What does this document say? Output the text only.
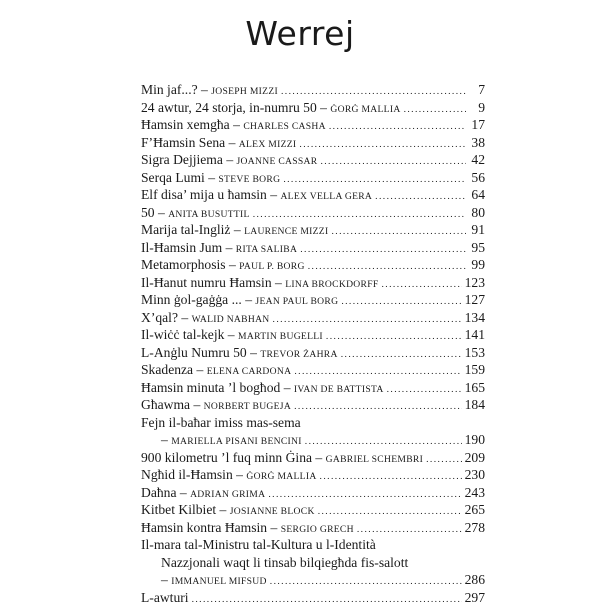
Werrej
Min jaf...? – JOSEPH MIZZI .....	7
24 awtur, 24 storja, in-numru 50 – ĠORĠ MALLIA .....	9
Ħamsin xemgħa – CHARLES CASHA .....	17
F’Ħamsin Sena – ALEX MIZZI .....	38
Sigra Dejjiema – JOANNE CASSAR .....	42
Serqa Lumi – STEVE BORG .....	56
Elf disa’ mija u ħamsin – ALEX VELLA GERA .....	64
50 – ANITA BUSUTTIL .....	80
Marija tal-Ingliż – LAURENCE MIZZI .....	91
Il-Ħamsin Jum – RITA SALIBA .....	95
Metamorphosis – PAUL P. BORG .....	99
Il-Ħanut numru Ħamsin – LINA BROCKDORFF .....	123
Minn ġol-gaġġa ... – JEAN PAUL BORG .....	127
X’qal? – WALID NABHAN .....	134
Il-wiċċ tal-kejk – MARTIN BUGELLI .....	141
L-Anġlu Numru 50 – TREVOR ŻAHRA .....	153
Skadenza – ELENA CARDONA .....	159
Ħamsin minuta ’l bogħod – IVAN DE BATTISTA .....	165
Għawma – NORBERT BUGEJA .....	184
Fejn il-baħar imiss mas-sema
– MARIELLA PISANI BENCINI .....	190
900 kilometru ’l fuq minn Ġina – GABRIEL SCHEMBRI .....	209
Ngħid il-Ħamsin – ĠORĠ MALLIA .....	230
Daħna – ADRIAN GRIMA .....	243
Kitbet Kilbiet – JOSIANNE BLOCK .....	265
Ħamsin kontra Ħamsin – SERGIO GRECH .....	278
Il-mara tal-Ministru tal-Kultura u l-Identità
Nazzjonali waqt li tinsab bilqiegħda fis-salott
– IMMANUEL MIFSUD .....	286
L-awturi .....	297
